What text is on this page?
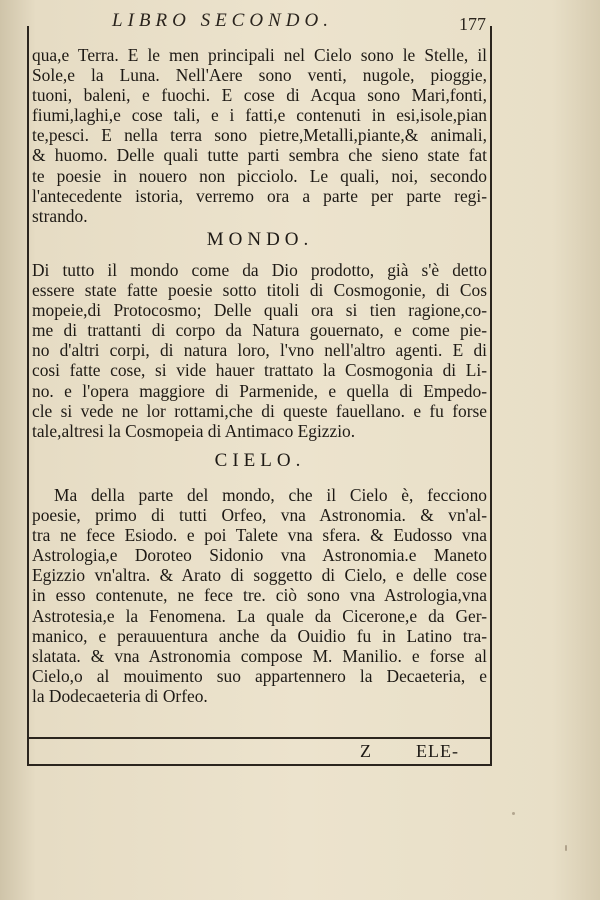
LIBRO SECONDO.	177
qua,e Terra. E le men principali nel Cielo sono le Stelle, il
Sole,e la Luna. Nell'Aere sono venti, nugole, pioggie,
tuoni, baleni, e fuochi. E cose di Acqua sono Mari,fonti,
fiumi,laghi,e cose tali, e i fatti,e contenuti in esi,isole,pian
te,pesci. E nella terra sono pietre,Metalli,piante,& animali,
& huomo. Delle quali tutte parti sembra che sieno state fat
te poesie in nouero non picciolo. Le quali, noi, secondo
l'antecedente istoria, verremo ora a parte per parte regi-
strando.
MONDO.
Di tutto il mondo come da Dio prodotto, già s'è detto
essere state fatte poesie sotto titoli di Cosmogonie, di Cos
mopeie,di Protocosmo; Delle quali ora si tien ragione,co-
me di trattanti di corpo da Natura gouernato, e come pie-
no d'altri corpi, di natura loro, l'vno nell'altro agenti. E di
cosi fatte cose, si vide hauer trattato la Cosmogonia di Li-
no. e l'opera maggiore di Parmenide, e quella di Empedo-
cle si vede ne lor rottami,che di queste fauellano. e fu forse
tale,altresi la Cosmopeia di Antimaco Egizzio.
CIELO.
Ma della parte del mondo, che il Cielo è, fecciono
poesie, primo di tutti Orfeo, vna Astronomia. & vn'al-
tra ne fece Esiodo. e poi Talete vna sfera. & Eudosso vna
Astrologia,e Doroteo Sidonio vna Astronomia.e Maneto
Egizzio vn'altra. & Arato di soggetto di Cielo, e delle cose
in esso contenute, ne fece tre. ciò sono vna Astrologia,vna
Astrotesia,e la Fenomena. La quale da Cicerone,e da Ger-
manico, e perauuentura anche da Ouidio fu in Latino tra-
slatata. & vna Astronomia compose M. Manilio. e forse al
Cielo,o al mouimento suo appartennero la Decaeteria, e
la Dodecaeteria di Orfeo.
Z	ELE-
